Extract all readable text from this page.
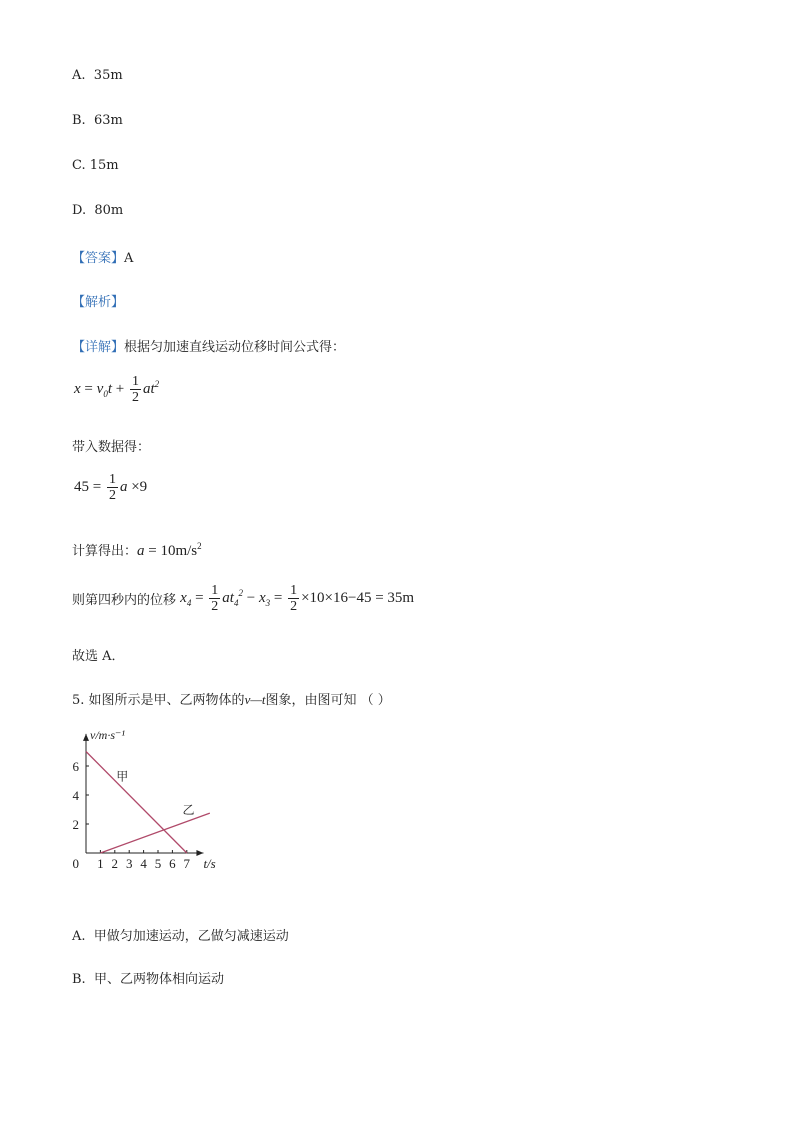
A. 35m
B. 63m
C. 15m
D. 80m
【答案】A
【解析】
【详解】根据匀加速直线运动位移时间公式得：
$x = v_0t + \frac{1}{2} at^2$
带入数据得：
$45 = \frac{1}{2}$ a ×9
计算得出：$a = 10m/s^2$
则第四秒内的位移 $x_4 = \frac{1}{2} at_4^2 - x_3 = \frac{1}{2} \times 10\times 16-45 = 35m$
故选 A．
5. 如图所示是甲、乙两物体的v—t图象，由图可知 （ ）
1 2 3 4 5 6 7
2
4
6
0
甲
乙
v/m·s⁻¹
t/s
A. 甲做匀加速运动，乙做匀减速运动
B. 甲、乙两物体相向运动
